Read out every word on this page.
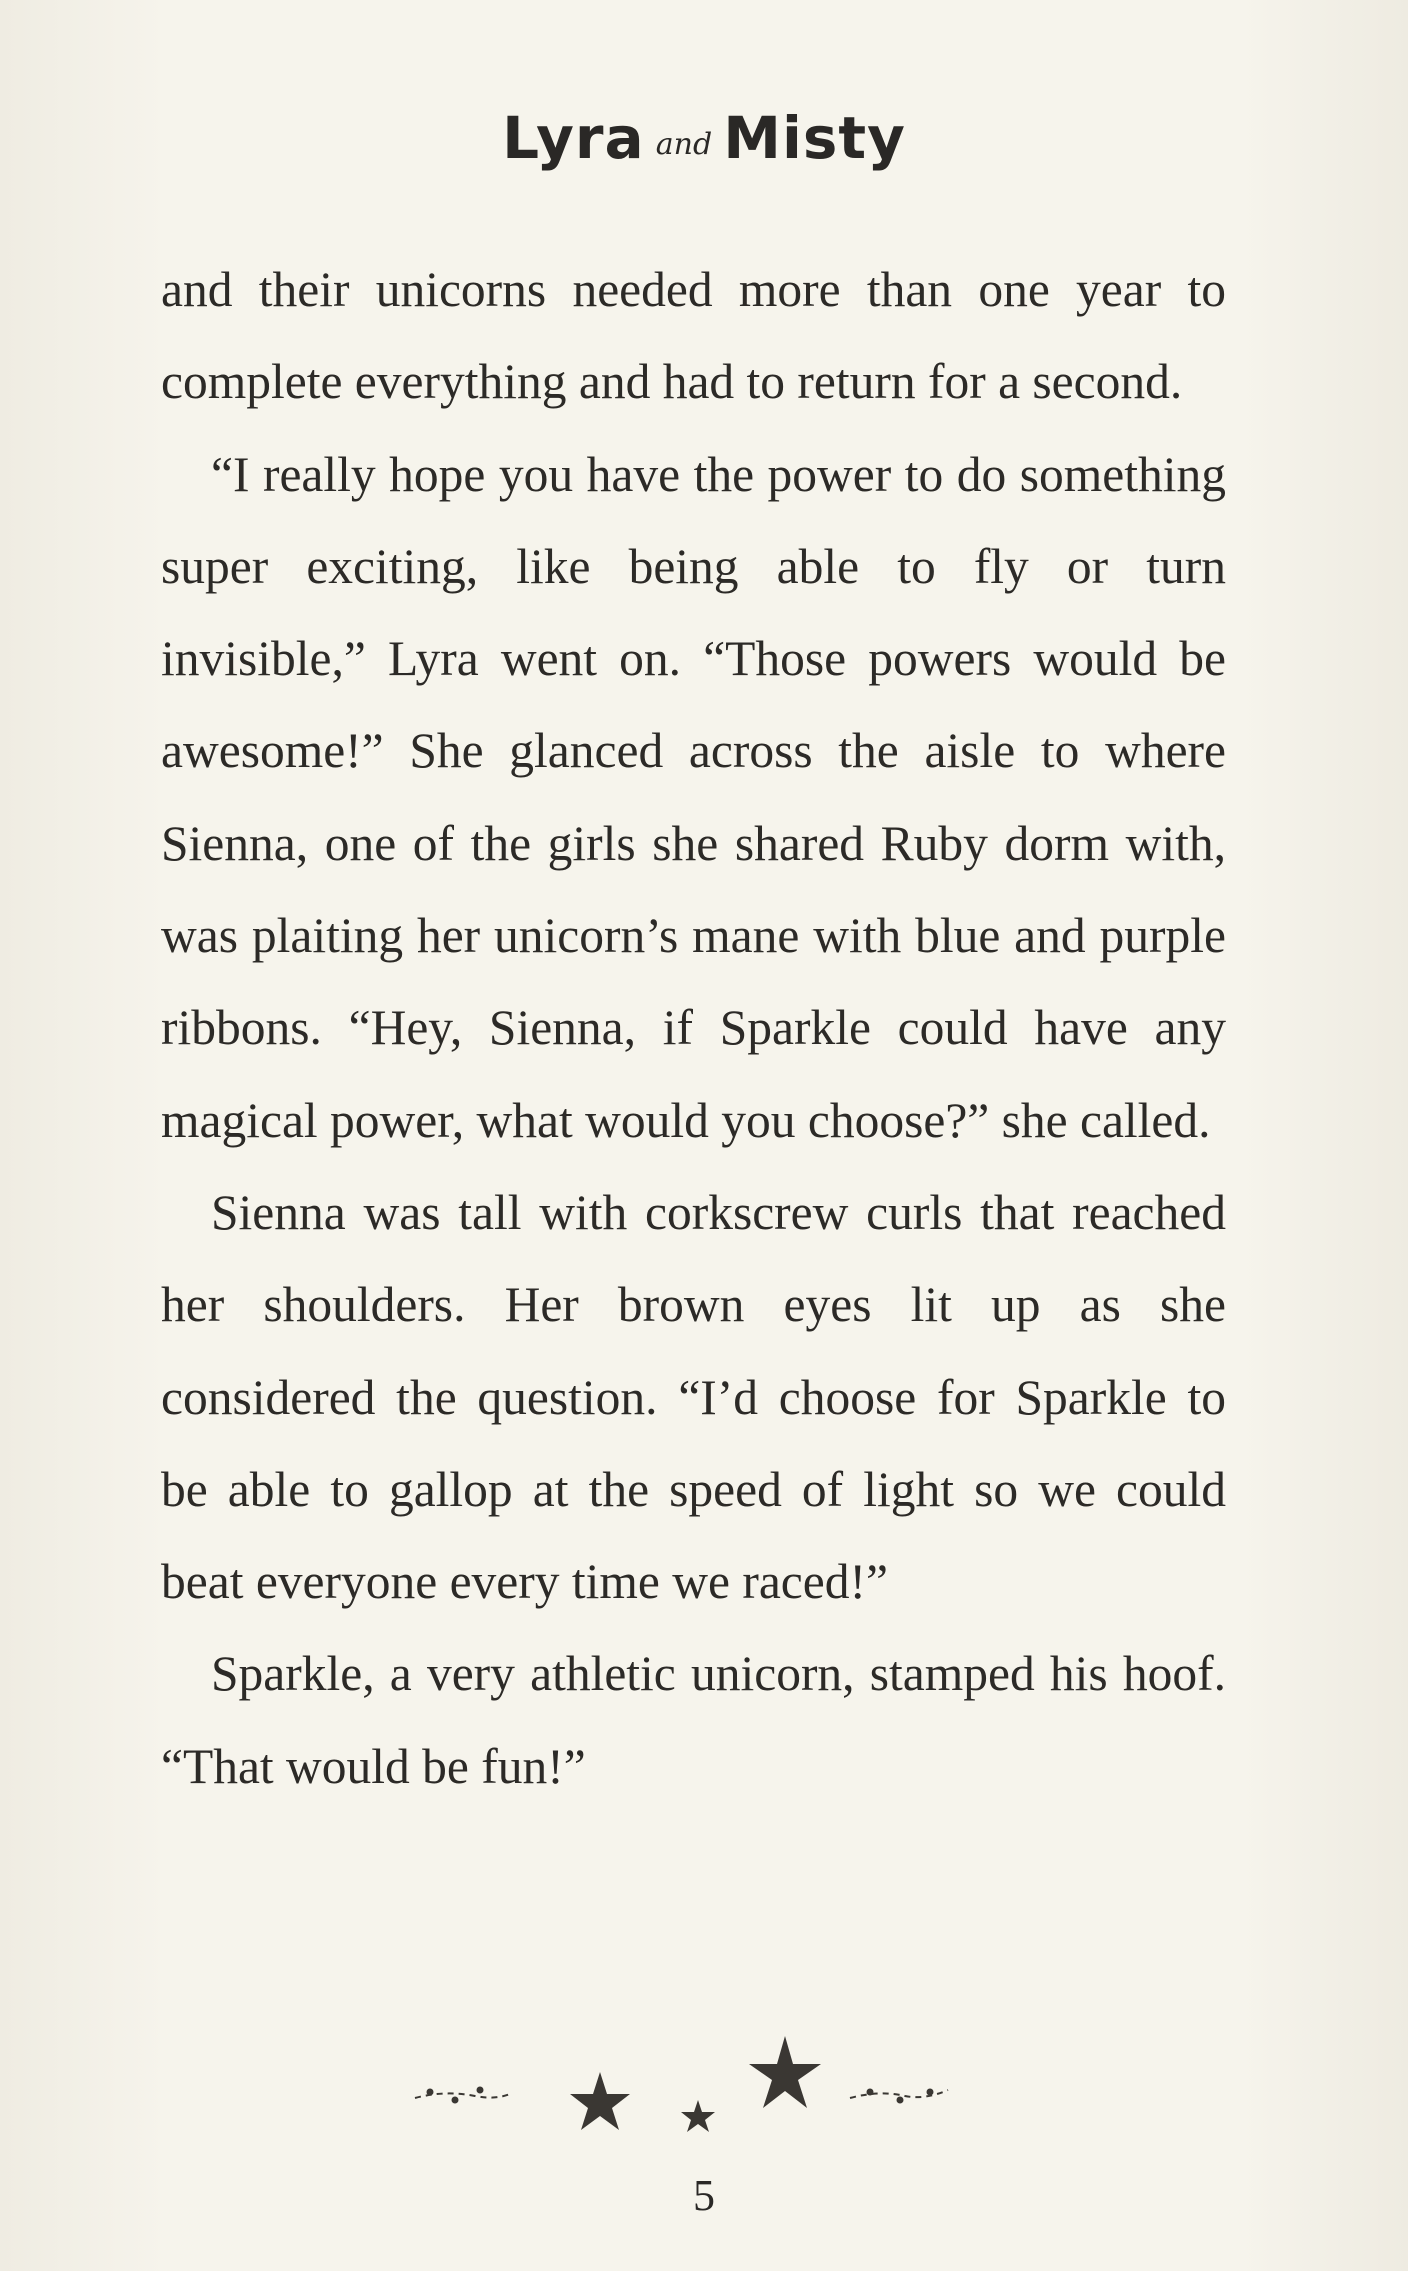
Lyra and Misty

and their unicorns needed more than one year to complete everything and had to return for a second.

“I really hope you have the power to do something super exciting, like being able to fly or turn invisible,” Lyra went on. “Those powers would be awesome!” She glanced across the aisle to where Sienna, one of the girls she shared Ruby dorm with, was plaiting her unicorn’s mane with blue and purple ribbons. “Hey, Sienna, if Sparkle could have any magical power, what would you choose?” she called.

Sienna was tall with corkscrew curls that reached her shoulders. Her brown eyes lit up as she considered the question. “I’d choose for Sparkle to be able to gallop at the speed of light so we could beat everyone every time we raced!”

Sparkle, a very athletic unicorn, stamped his hoof. “That would be fun!”

5
